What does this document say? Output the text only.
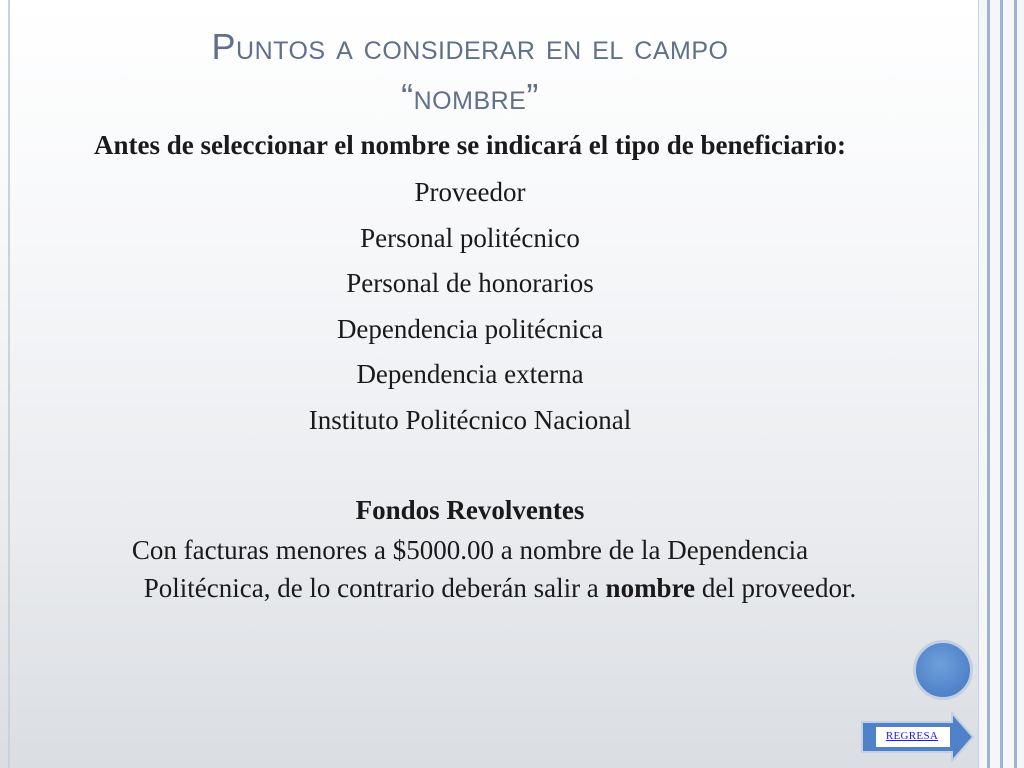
Puntos a considerar en el campo
“nombre”

Antes de seleccionar el nombre se indicará el tipo de beneficiario:

Proveedor

Personal politécnico

Personal de honorarios

Dependencia politécnica

Dependencia externa

Instituto Politécnico Nacional

Fondos Revolventes

Con facturas menores a $5000.00 a nombre de la Dependencia Politécnica, de lo contrario deberán salir a nombre del proveedor.

REGRESA
